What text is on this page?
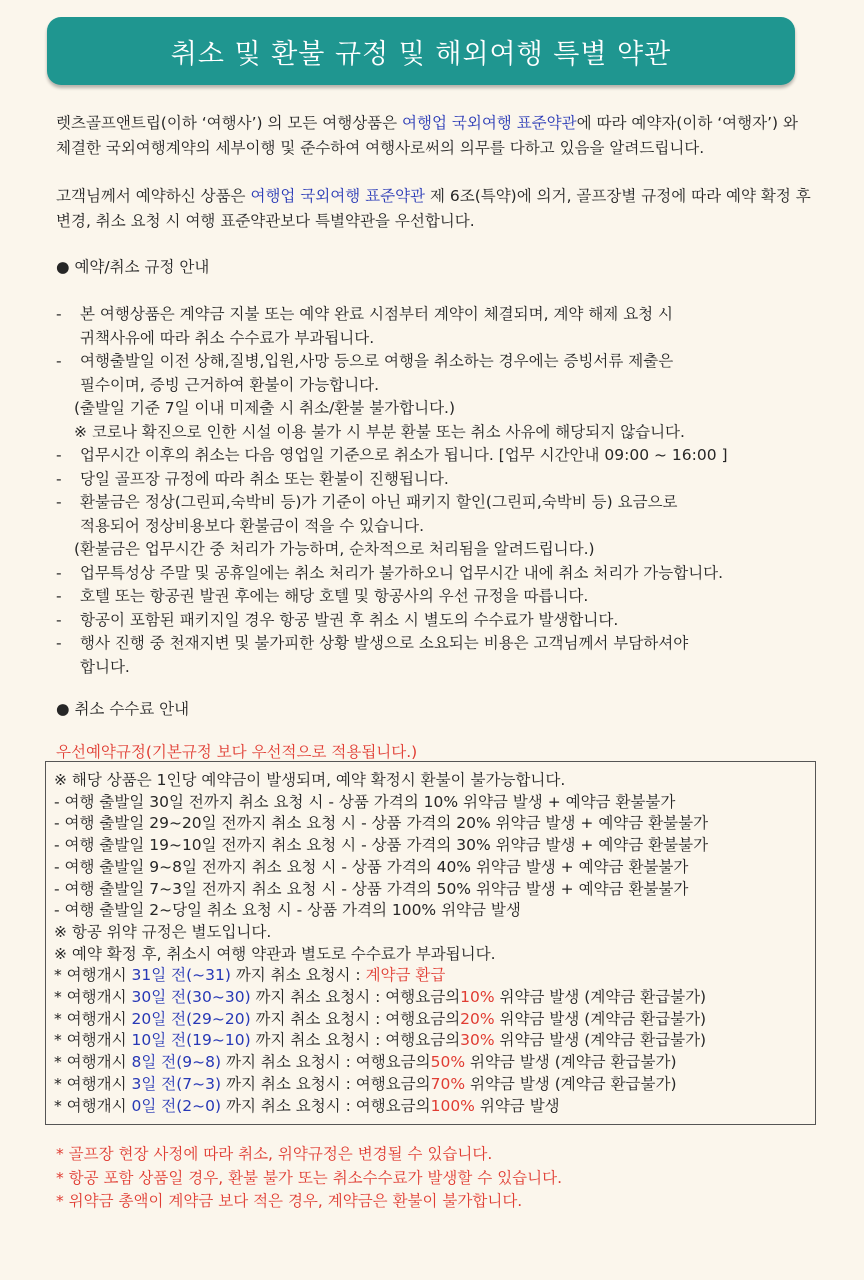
취소 및 환불 규정 및 해외여행 특별 약관

렛츠골프앤트립(이하 ‘여행사’) 의 모든 여행상품은 여행업 국외여행 표준약관에 따라 예약자(이하 ‘여행자’) 와 체결한 국외여행계약의 세부이행 및 준수하여 여행사로써의 의무를 다하고 있음을 알려드립니다.

고객님께서 예약하신 상품은 여행업 국외여행 표준약관 제 6조(특약)에 의거, 골프장별 규정에 따라 예약 확정 후 변경, 취소 요청 시 여행 표준약관보다 특별약관을 우선합니다.

● 예약/취소 규정 안내

- 본 여행상품은 계약금 지불 또는 예약 완료 시점부터 계약이 체결되며, 계약 해제 요청 시
귀책사유에 따라 취소 수수료가 부과됩니다.
- 여행출발일 이전 상해,질병,입원,사망 등으로 여행을 취소하는 경우에는 증빙서류 제출은
필수이며, 증빙 근거하여 환불이 가능합니다.
(출발일 기준 7일 이내 미제출 시 취소/환불 불가합니다.)
※ 코로나 확진으로 인한 시설 이용 불가 시 부분 환불 또는 취소 사유에 해당되지 않습니다.
- 업무시간 이후의 취소는 다음 영업일 기준으로 취소가 됩니다. [업무 시간안내 09:00 ~ 16:00 ]
- 당일 골프장 규정에 따라 취소 또는 환불이 진행됩니다.
- 환불금은 정상(그린피,숙박비 등)가 기준이 아닌 패키지 할인(그린피,숙박비 등) 요금으로
적용되어 정상비용보다 환불금이 적을 수 있습니다.
(환불금은 업무시간 중 처리가 가능하며, 순차적으로 처리됨을 알려드립니다.)
- 업무특성상 주말 및 공휴일에는 취소 처리가 불가하오니 업무시간 내에 취소 처리가 가능합니다.
- 호텔 또는 항공권 발권 후에는 해당 호텔 및 항공사의 우선 규정을 따릅니다.
- 항공이 포함된 패키지일 경우 항공 발권 후 취소 시 별도의 수수료가 발생합니다.
- 행사 진행 중 천재지변 및 불가피한 상황 발생으로 소요되는 비용은 고객님께서 부담하셔야
합니다.

● 취소 수수료 안내

우선예약규정(기본규정 보다 우선적으로 적용됩니다.)

※ 해당 상품은 1인당 예약금이 발생되며, 예약 확정시 환불이 불가능합니다.
- 여행 출발일 30일 전까지 취소 요청 시 - 상품 가격의 10% 위약금 발생 + 예약금 환불불가
- 여행 출발일 29~20일 전까지 취소 요청 시 - 상품 가격의 20% 위약금 발생 + 예약금 환불불가
- 여행 출발일 19~10일 전까지 취소 요청 시 - 상품 가격의 30% 위약금 발생 + 예약금 환불불가
- 여행 출발일 9~8일 전까지 취소 요청 시 - 상품 가격의 40% 위약금 발생 + 예약금 환불불가
- 여행 출발일 7~3일 전까지 취소 요청 시 - 상품 가격의 50% 위약금 발생 + 예약금 환불불가
- 여행 출발일 2~당일 취소 요청 시 - 상품 가격의 100% 위약금 발생
※ 항공 위약 규정은 별도입니다.
※ 예약 확정 후, 취소시 여행 약관과 별도로 수수료가 부과됩니다.
* 여행개시 31일 전(~31) 까지 취소 요청시 : 계약금 환급
* 여행개시 30일 전(30~30) 까지 취소 요청시 : 여행요금의10% 위약금 발생 (계약금 환급불가)
* 여행개시 20일 전(29~20) 까지 취소 요청시 : 여행요금의20% 위약금 발생 (계약금 환급불가)
* 여행개시 10일 전(19~10) 까지 취소 요청시 : 여행요금의30% 위약금 발생 (계약금 환급불가)
* 여행개시 8일 전(9~8) 까지 취소 요청시 : 여행요금의50% 위약금 발생 (계약금 환급불가)
* 여행개시 3일 전(7~3) 까지 취소 요청시 : 여행요금의70% 위약금 발생 (계약금 환급불가)
* 여행개시 0일 전(2~0) 까지 취소 요청시 : 여행요금의100% 위약금 발생
* 골프장 현장 사정에 따라 취소, 위약규정은 변경될 수 있습니다.
* 항공 포함 상품일 경우, 환불 불가 또는 취소수수료가 발생할 수 있습니다.
* 위약금 총액이 계약금 보다 적은 경우, 계약금은 환불이 불가합니다.
